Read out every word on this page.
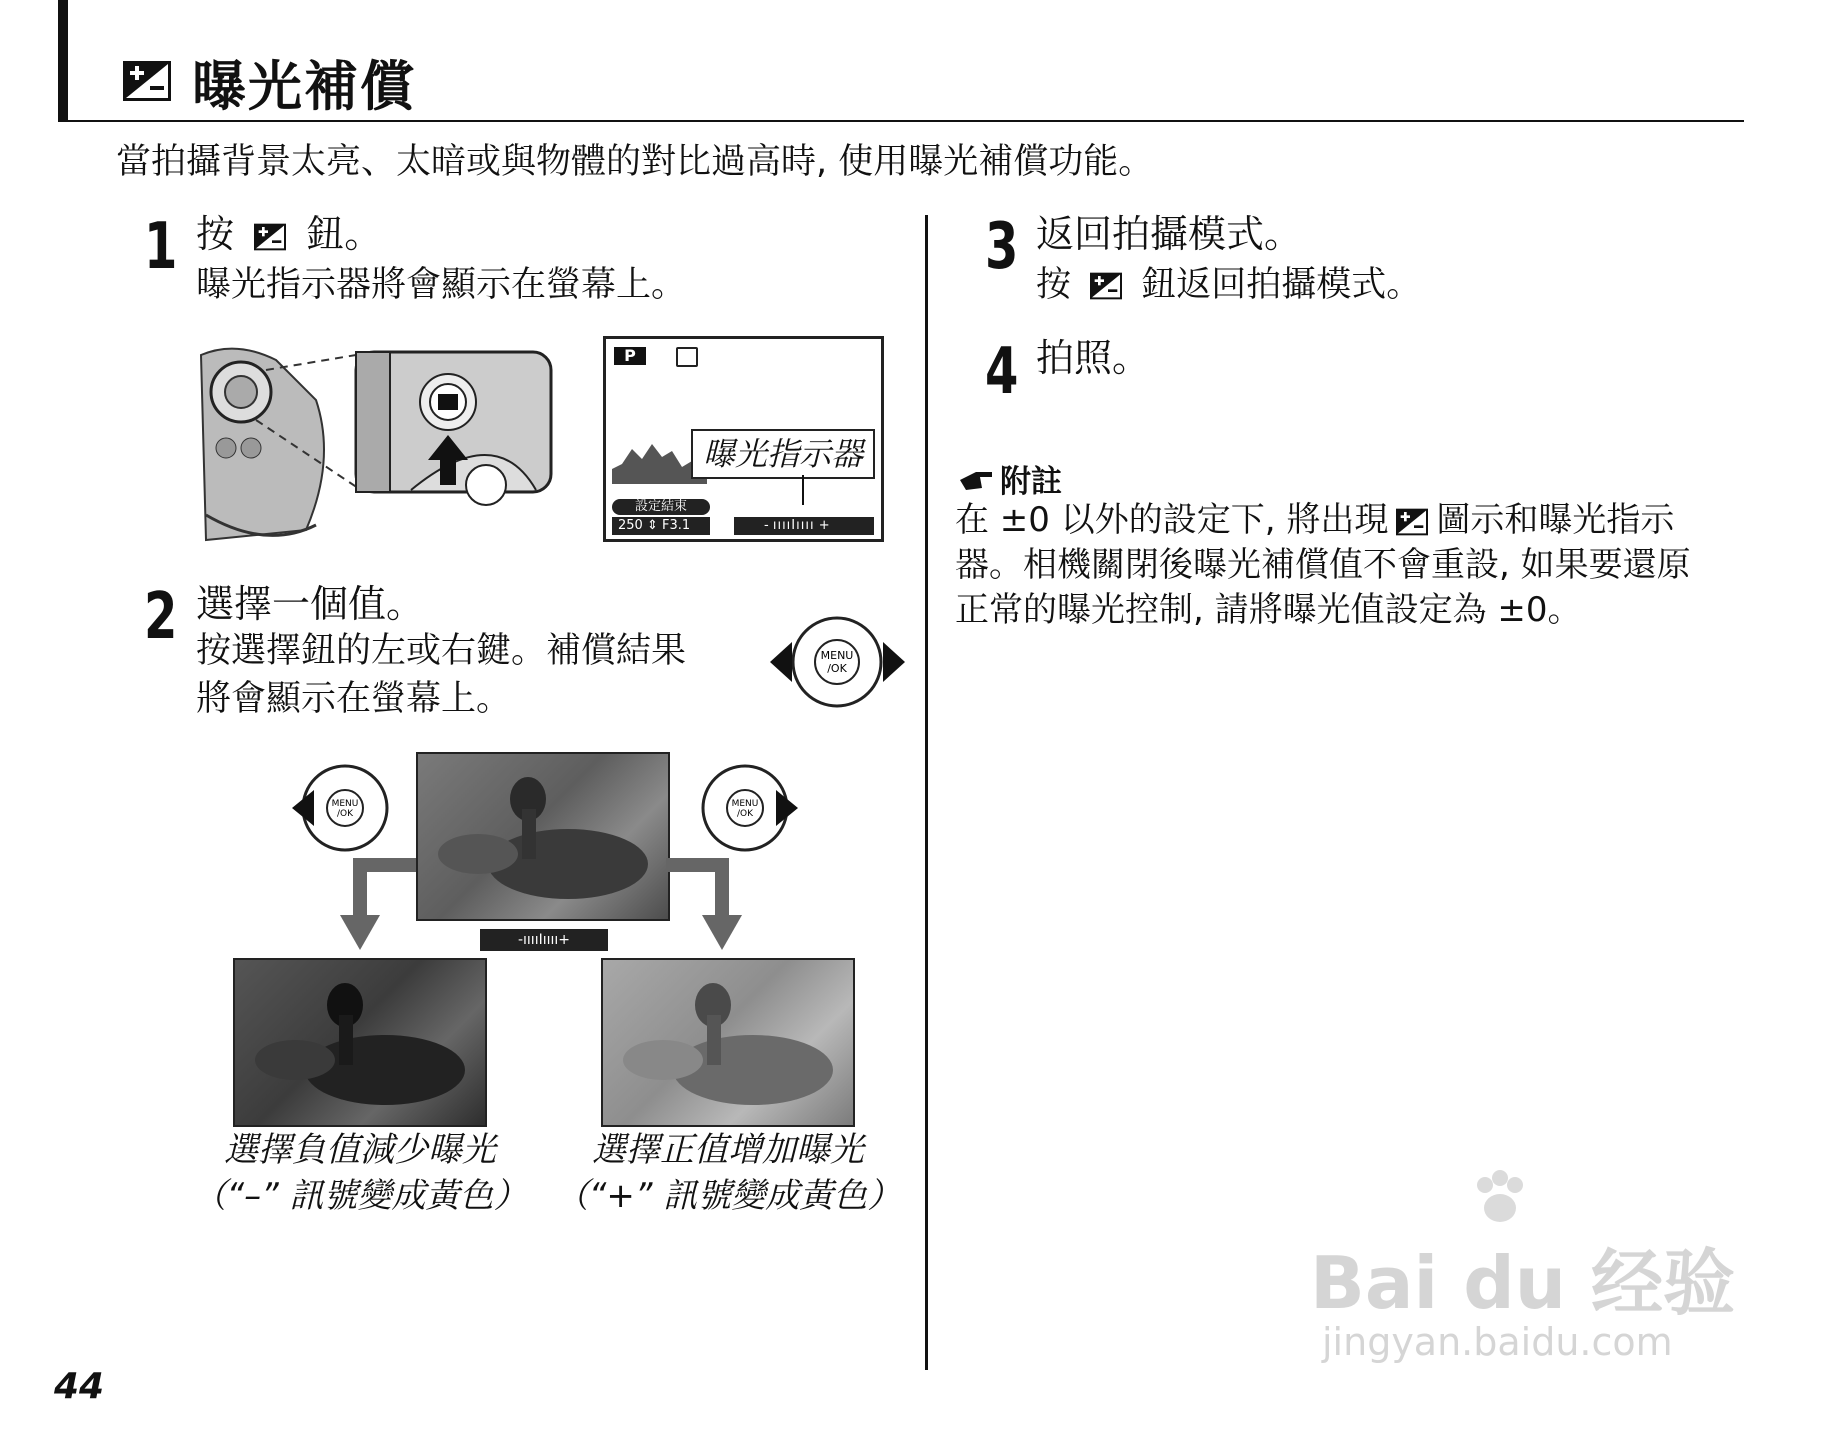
曝光補償
當拍攝背景太亮、太暗或與物體的對比過高時, 使用曝光補償功能。
1 按 鈕。
曝光指示器將會顯示在螢幕上。
P
曝光指示器
設定結束
250 ⇕ F3.1	- ııııIıııı +
2 選擇一個值。
按選擇鈕的左或右鍵。補償結果
將會顯示在螢幕上。
MENU
/OK
MENU
/OK
MENU
/OK
-ııııIıııı+
選擇負值減少曝光
（“–” 訊號變成黃色）
選擇正值增加曝光
（“+” 訊號變成黃色）
3 返回拍攝模式。
按 鈕返回拍攝模式。
4 拍照。
附註
在 ±0 以外的設定下, 將出現 圖示和曝光指示
器。相機關閉後曝光補償值不會重設, 如果要還原
正常的曝光控制, 請將曝光值設定為 ±0。
44
Bai du 经验
jingyan.baidu.com
